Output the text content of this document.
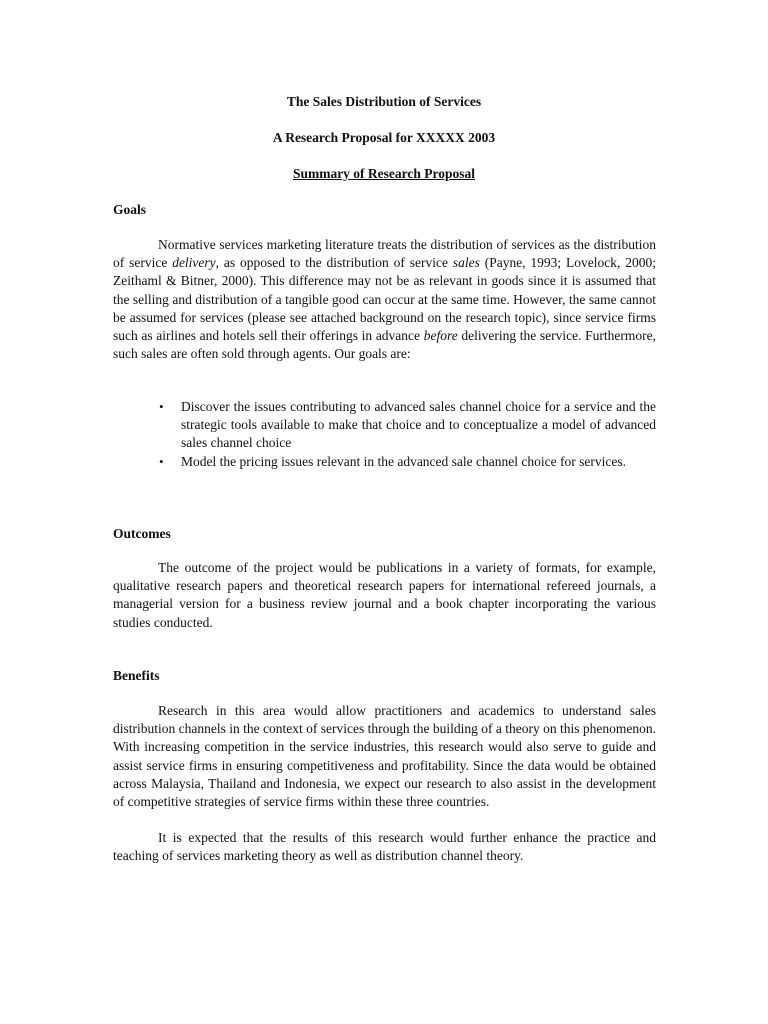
The Sales Distribution of Services
A Research Proposal for XXXXX 2003
Summary of Research Proposal
Goals

Normative services marketing literature treats the distribution of services as the distribution of service delivery, as opposed to the distribution of service sales (Payne, 1993; Lovelock, 2000; Zeithaml & Bitner, 2000). This difference may not be as relevant in goods since it is assumed that the selling and distribution of a tangible good can occur at the same time. However, the same cannot be assumed for services (please see attached background on the research topic), since service firms such as airlines and hotels sell their offerings in advance before delivering the service. Furthermore, such sales are often sold through agents. Our goals are:

• Discover the issues contributing to advanced sales channel choice for a service and the strategic tools available to make that choice and to conceptualize a model of advanced sales channel choice
• Model the pricing issues relevant in the advanced sale channel choice for services.
Outcomes

The outcome of the project would be publications in a variety of formats, for example, qualitative research papers and theoretical research papers for international refereed journals, a managerial version for a business review journal and a book chapter incorporating the various studies conducted.

Benefits

Research in this area would allow practitioners and academics to understand sales distribution channels in the context of services through the building of a theory on this phenomenon. With increasing competition in the service industries, this research would also serve to guide and assist service firms in ensuring competitiveness and profitability. Since the data would be obtained across Malaysia, Thailand and Indonesia, we expect our research to also assist in the development of competitive strategies of service firms within these three countries.

It is expected that the results of this research would further enhance the practice and teaching of services marketing theory as well as distribution channel theory.
